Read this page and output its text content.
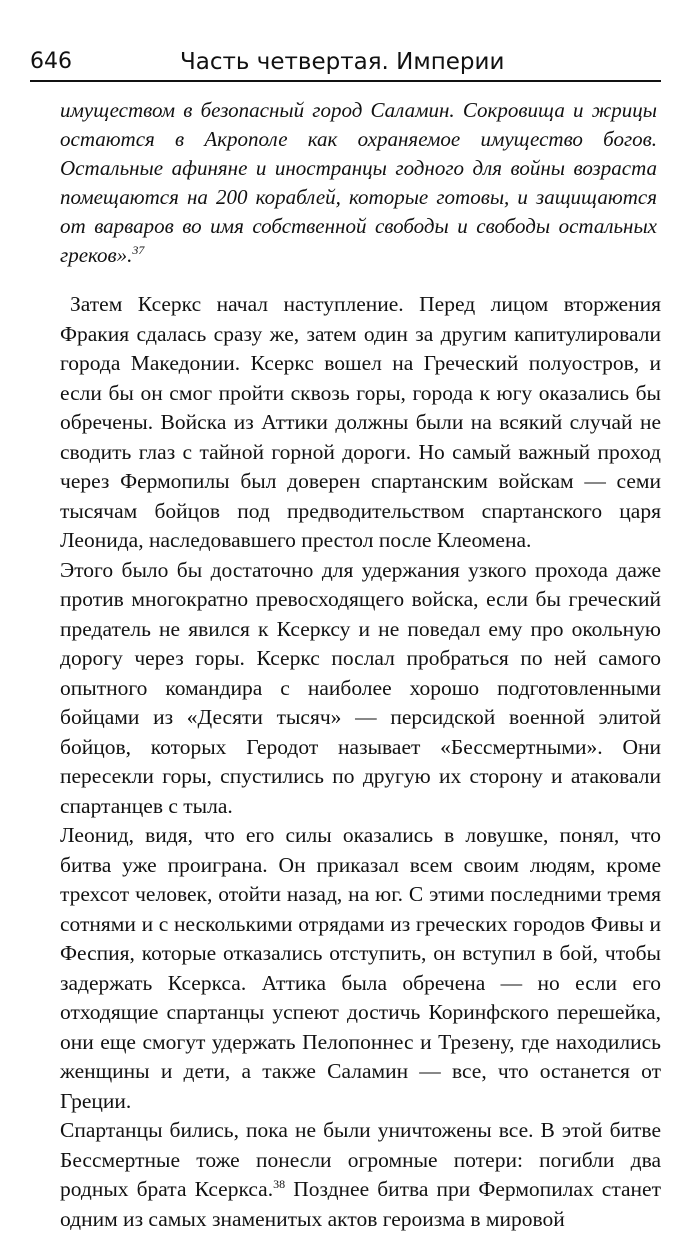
646	Часть четвертая. Империи

имуществом в безопасный город Саламин. Сокровища и жрицы остаются в Акрополе как охраняемое имущество богов. Остальные афиняне и иностранцы годного для войны возраста помещаются на 200 кораблей, которые готовы, и защищаются от варваров во имя собственной свободы и свободы остальных греков».$^{37}$

Затем Ксеркс начал наступление. Перед лицом вторжения Фракия сдалась сразу же, затем один за другим капитулировали города Македонии. Ксеркс вошел на Греческий полуостров, и если бы он смог пройти сквозь горы, города к югу оказались бы обречены. Войска из Аттики должны были на всякий случай не сводить глаз с тайной горной дороги. Но самый важный проход через Фермопилы был доверен спартанским войскам — семи тысячам бойцов под предводительством спартанского царя Леонида, наследовавшего престол после Клеомена.

Этого было бы достаточно для удержания узкого прохода даже против многократно превосходящего войска, если бы греческий предатель не явился к Ксерксу и не поведал ему про окольную дорогу через горы. Ксеркс послал пробраться по ней самого опытного командира с наиболее хорошо подготовленными бойцами из «Десяти тысяч» — персидской военной элитой бойцов, которых Геродот называет «Бессмертными». Они пересекли горы, спустились по другую их сторону и атаковали спартанцев с тыла.

Леонид, видя, что его силы оказались в ловушке, понял, что битва уже проиграна. Он приказал всем своим людям, кроме трехсот человек, отойти назад, на юг. С этими последними тремя сотнями и с несколькими отрядами из греческих городов Фивы и Феспия, которые отказались отступить, он вступил в бой, чтобы задержать Ксеркса. Аттика была обречена — но если его отходящие спартанцы успеют достичь Коринфского перешейка, они еще смогут удержать Пелопоннес и Трезену, где находились женщины и дети, а также Саламин — все, что останется от Греции.

Спартанцы бились, пока не были уничтожены все. В этой битве Бессмертные тоже понесли огромные потери: погибли два родных брата Ксеркса.$^{38}$ Позднее битва при Фермопилах станет одним из самых знаменитых актов героизма в мировой
